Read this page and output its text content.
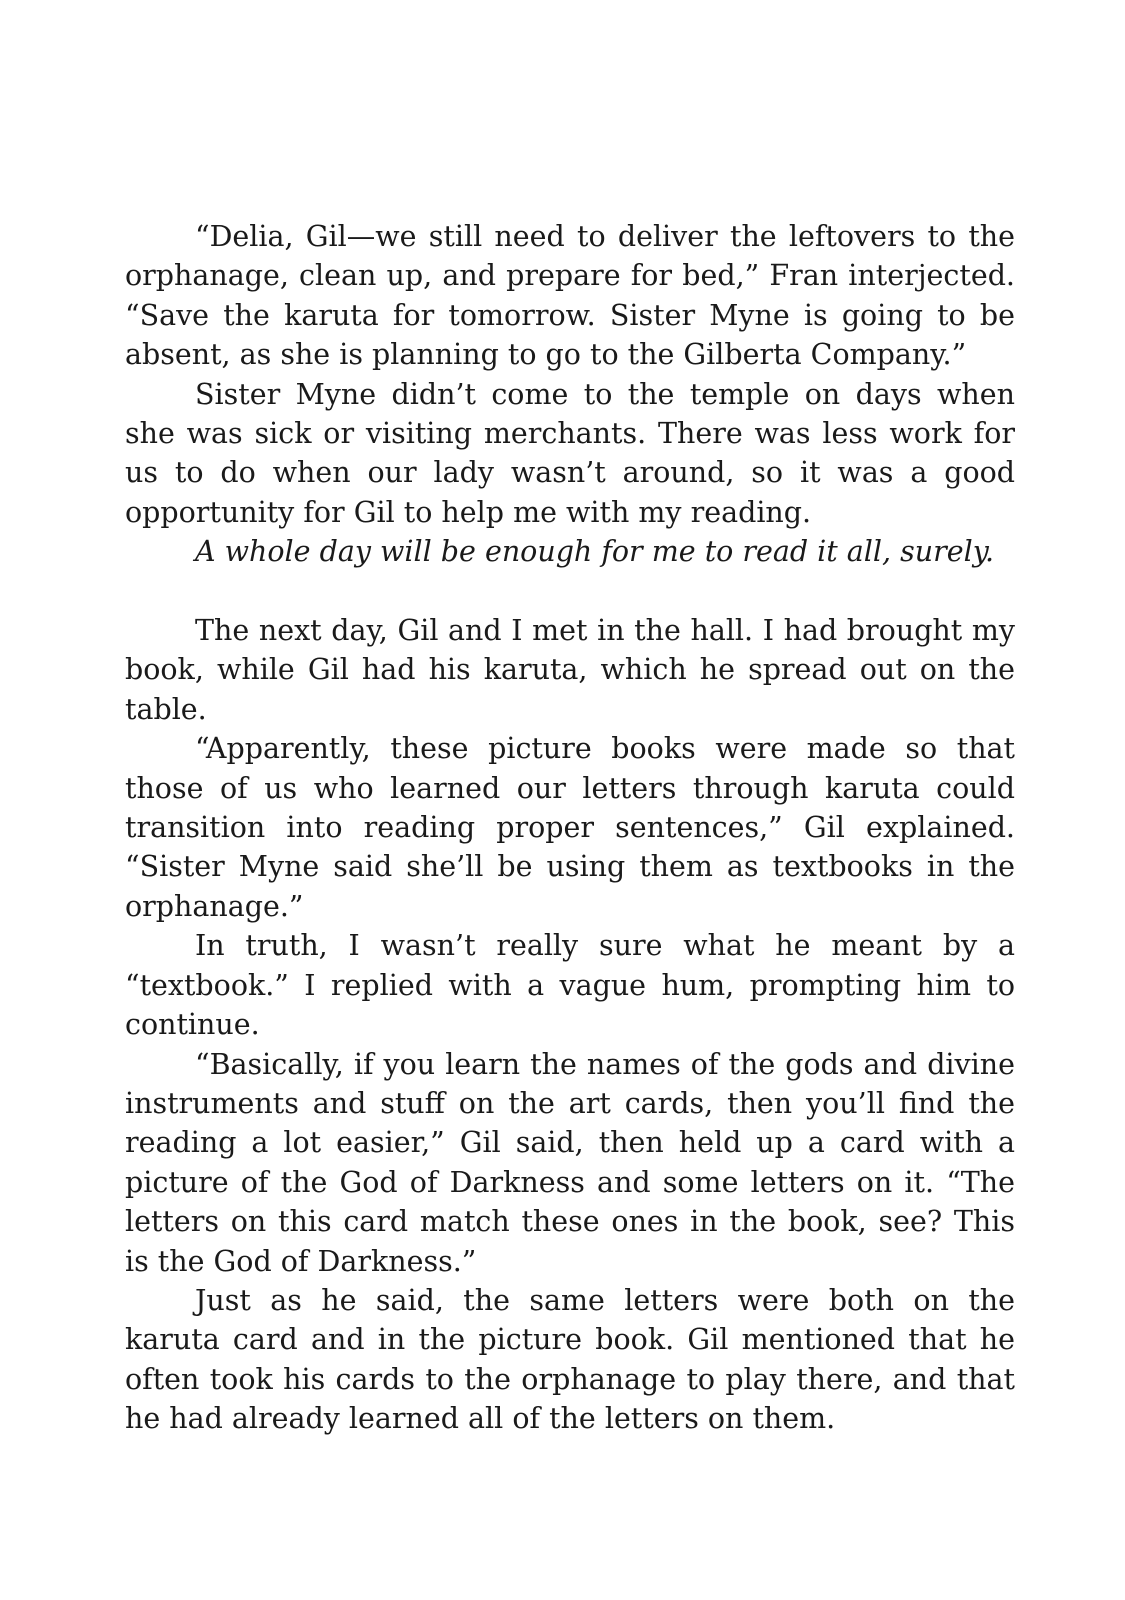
“Delia, Gil—we still need to deliver the leftovers to the orphanage, clean up, and prepare for bed,” Fran interjected. “Save the karuta for tomorrow. Sister Myne is going to be absent, as she is planning to go to the Gilberta Company.”

Sister Myne didn’t come to the temple on days when she was sick or visiting merchants. There was less work for us to do when our lady wasn’t around, so it was a good opportunity for Gil to help me with my reading.

A whole day will be enough for me to read it all, surely.

The next day, Gil and I met in the hall. I had brought my book, while Gil had his karuta, which he spread out on the table.

“Apparently, these picture books were made so that those of us who learned our letters through karuta could transition into reading proper sentences,” Gil explained. “Sister Myne said she’ll be using them as textbooks in the orphanage.”

In truth, I wasn’t really sure what he meant by a “textbook.” I replied with a vague hum, prompting him to continue.

“Basically, if you learn the names of the gods and divine instruments and stuff on the art cards, then you’ll find the reading a lot easier,” Gil said, then held up a card with a picture of the God of Darkness and some letters on it. “The letters on this card match these ones in the book, see? This is the God of Darkness.”

Just as he said, the same letters were both on the karuta card and in the picture book. Gil mentioned that he often took his cards to the orphanage to play there, and that he had already learned all of the letters on them.
